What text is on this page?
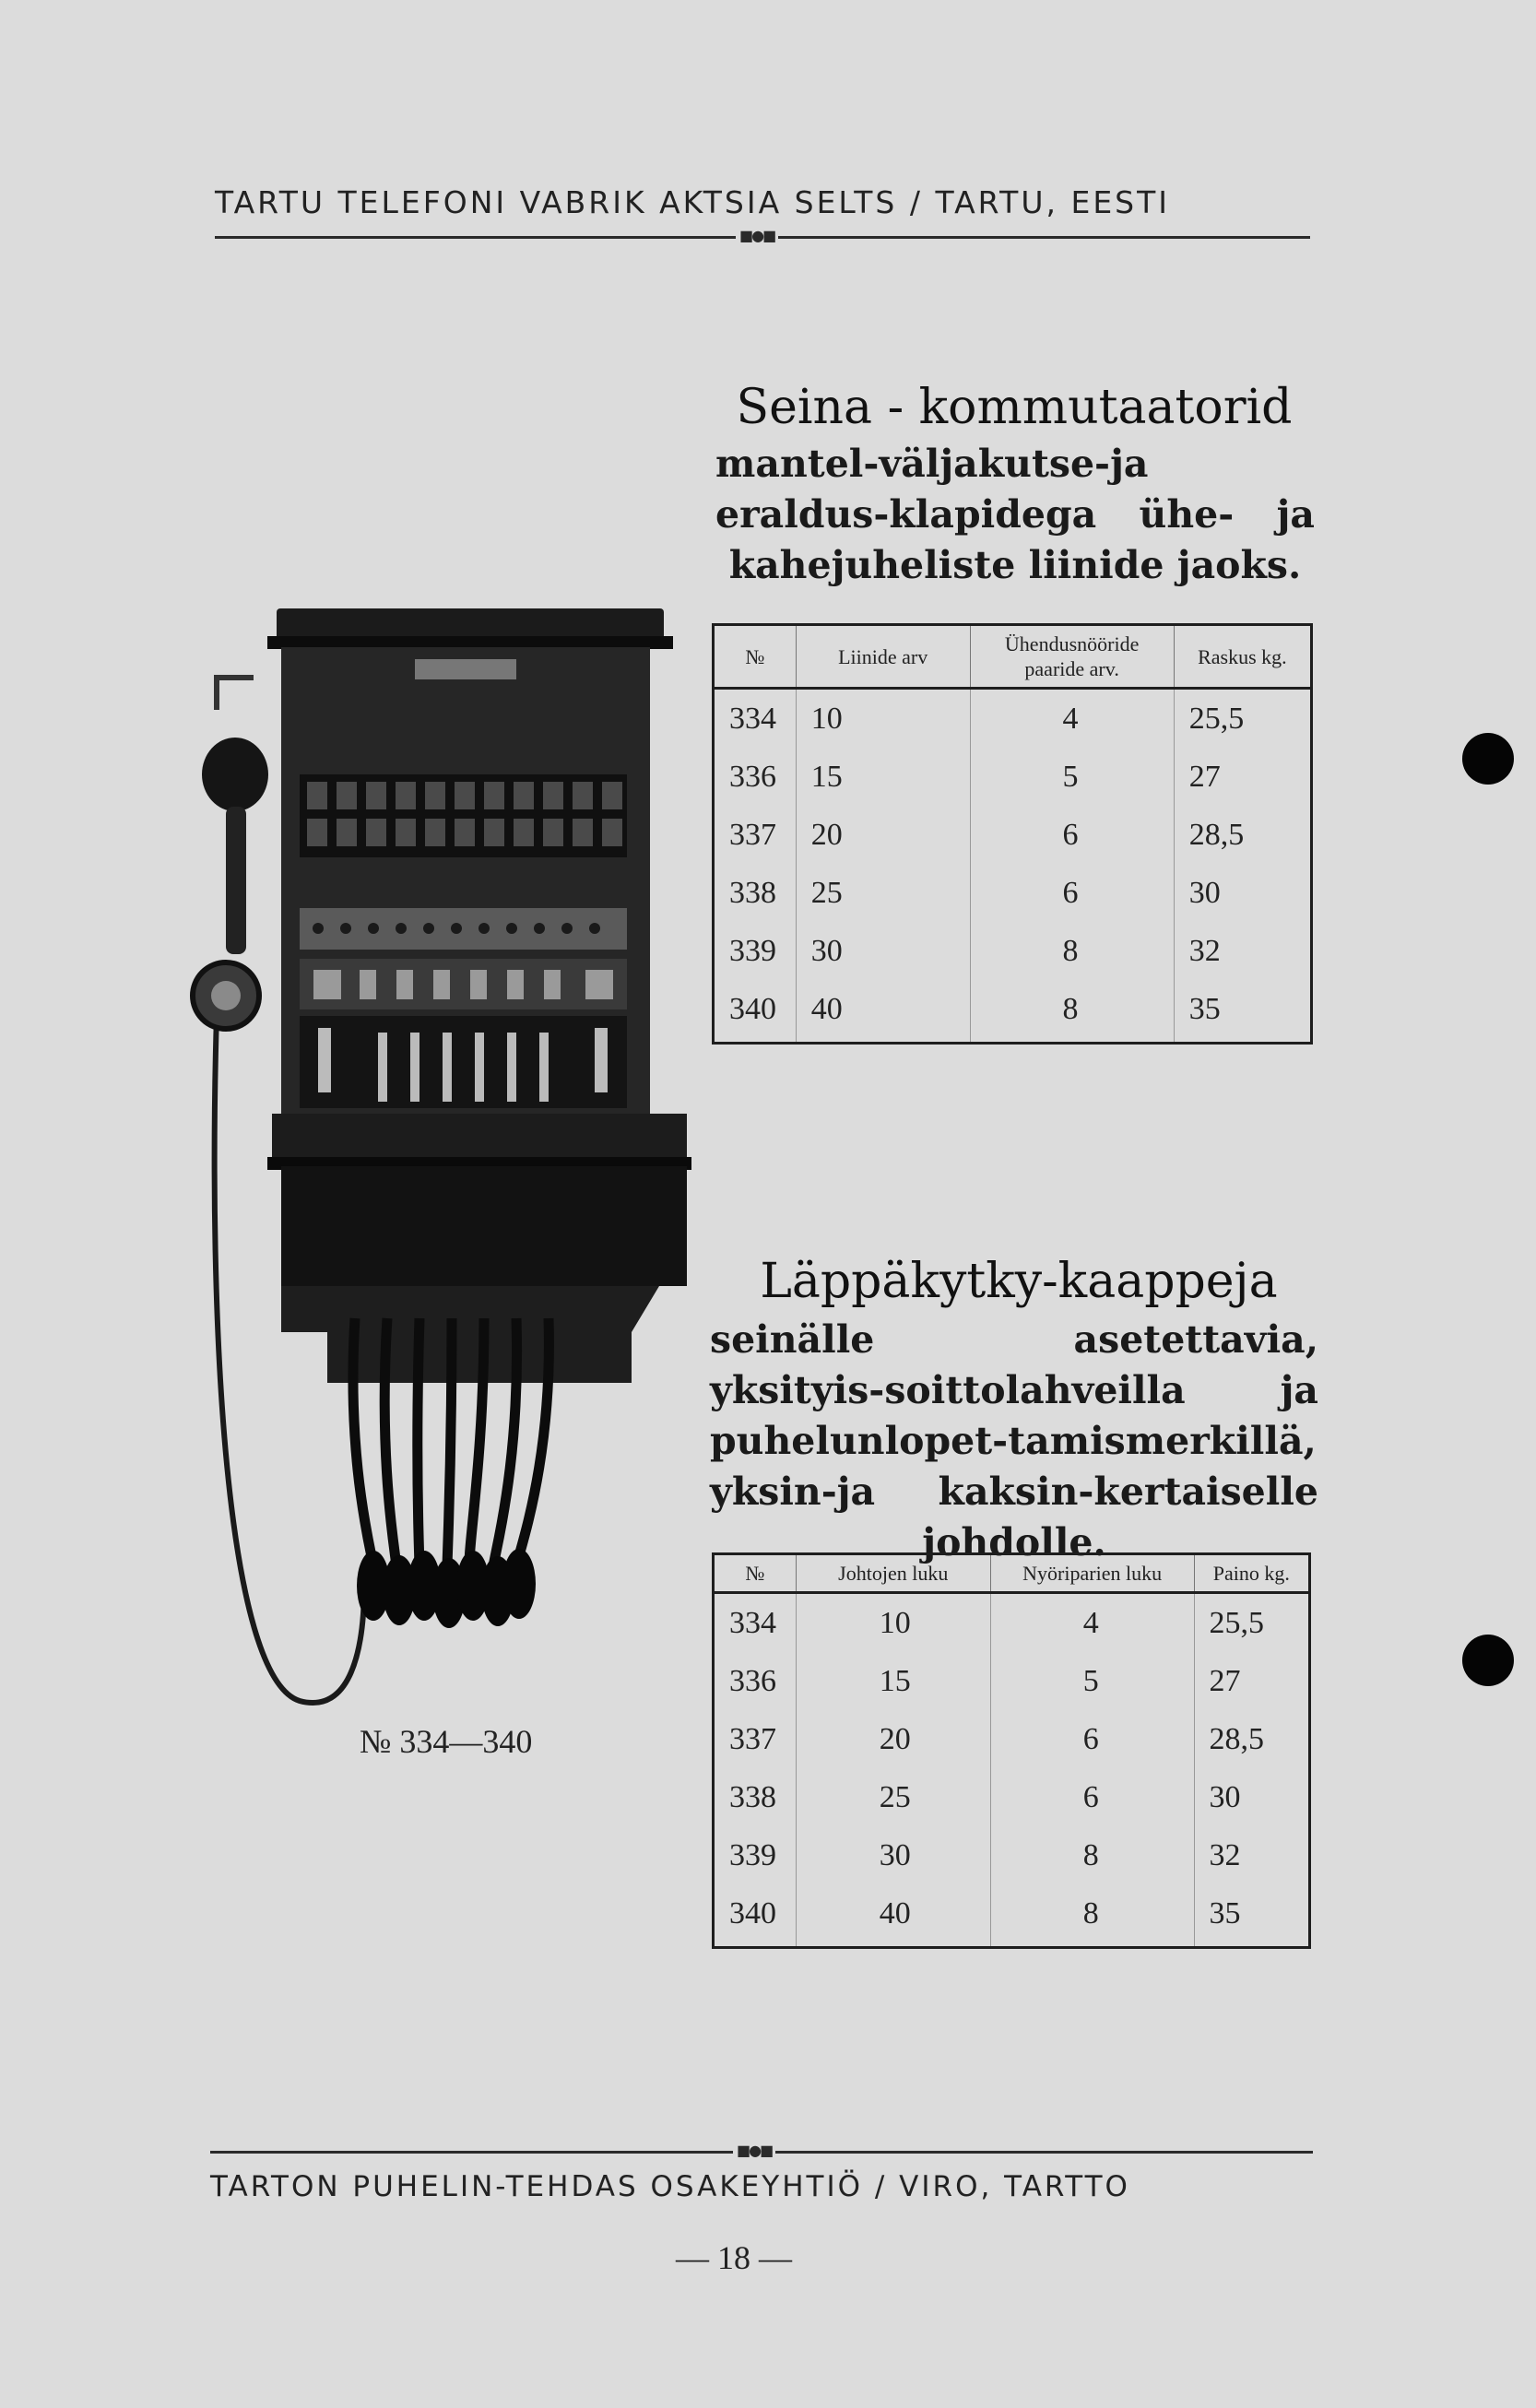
TARTU TELEFONI VABRIK AKTSIA SELTS / TARTU, EESTI
■●■
Seina - kommutaatorid
mantel-väljakutse-ja eraldus-klapidega ühe- ja kahejuheliste liinide jaoks.
№	Liinide arv	Ühendusnööride paaride arv.	Raskus kg.
334	10	4	25,5
336	15	5	27
337	20	6	28,5
338	25	6	30
339	30	8	32
340	40	8	35
№ 334—340
Läppäkytky-kaappeja
seinälle asetettavia, yksityis-soittolahveilla ja puhelunlopet-tamismerkillä, yksin-ja kaksin-kertaiselle johdolle.
№	Johtojen luku	Nyöriparien luku	Paino kg.
334	10	4	25,5
336	15	5	27
337	20	6	28,5
338	25	6	30
339	30	8	32
340	40	8	35
■●■
TARTON PUHELIN-TEHDAS OSAKEYHTIÖ / VIRO, TARTTO
— 18 —
